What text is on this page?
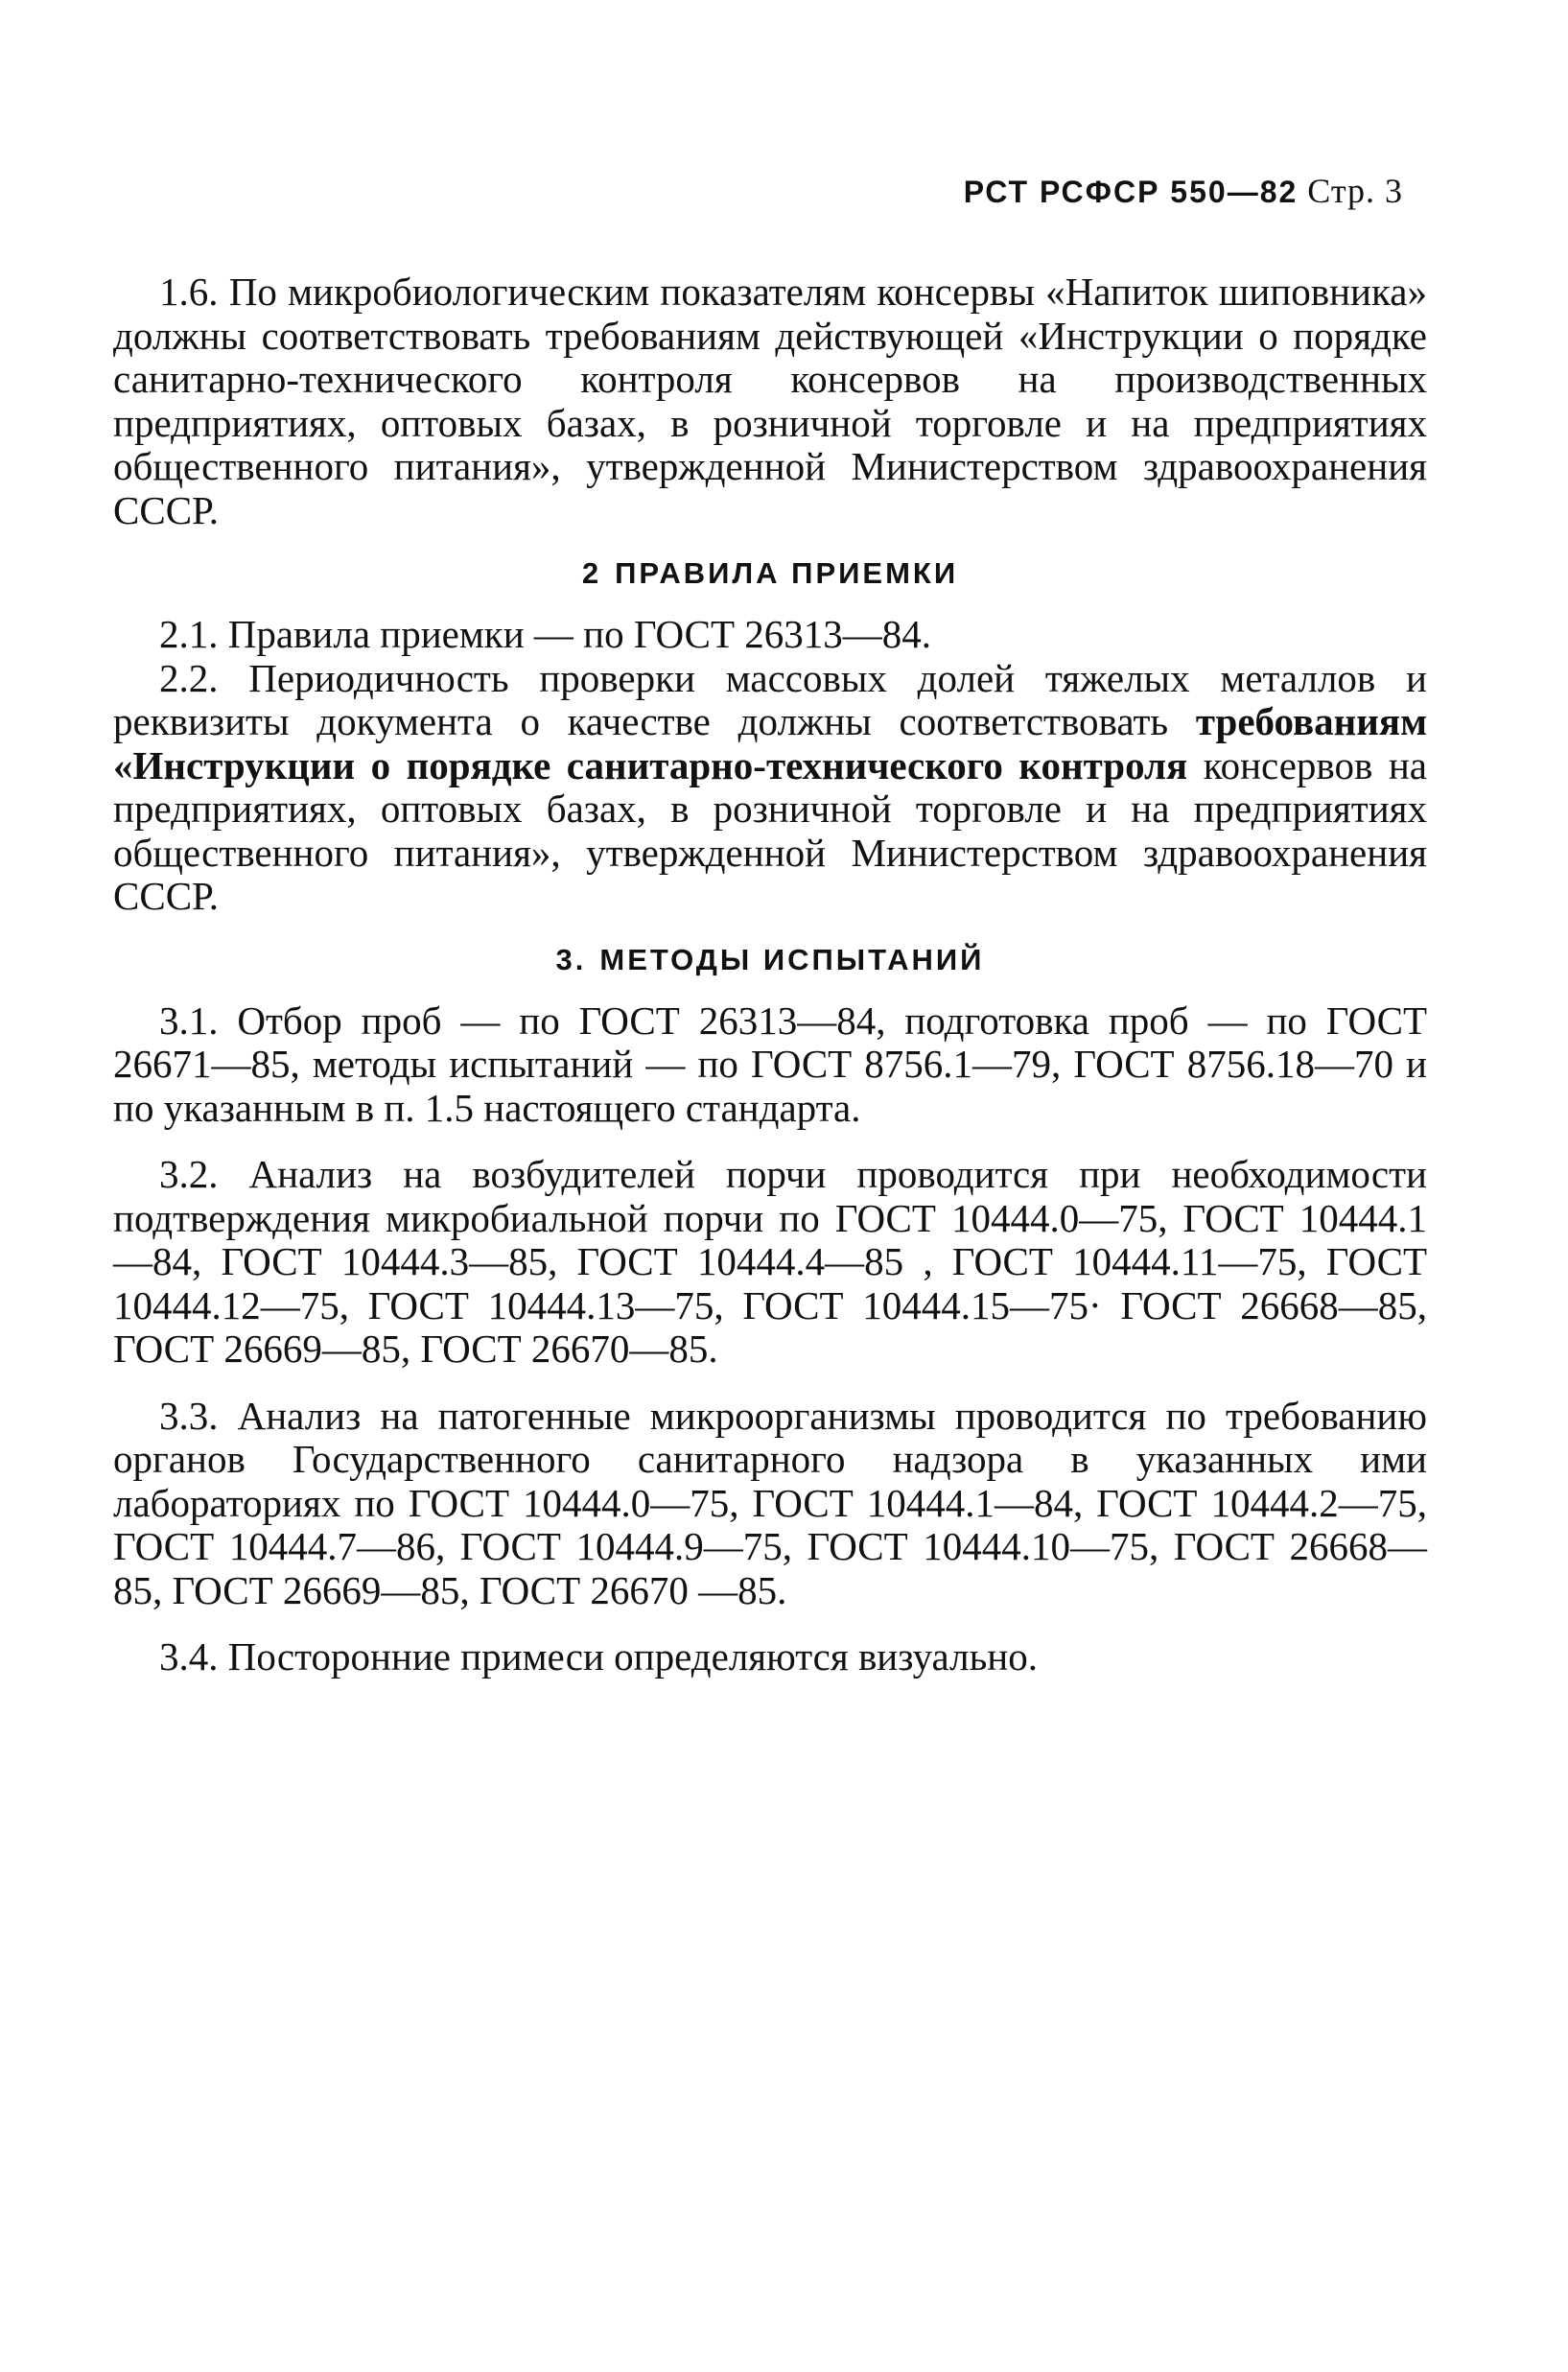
РСТ РСФСР 550—82 Стр. 3

1.6. По микробиологическим показателям консервы «Напиток шиповника» должны соответствовать требованиям действующей «Инструкции о порядке санитарно-технического контроля консервов на производственных предприятиях, оптовых базах, в розничной торговле и на предприятиях общественного питания», утвержденной Министерством здравоохранения СССР.

2 ПРАВИЛА ПРИЕМКИ

2.1. Правила приемки — по ГОСТ 26313—84.

2.2. Периодичность проверки массовых долей тяжелых металлов и реквизиты документа о качестве должны соответствовать требованиям «Инструкции о порядке санитарно-технического контроля консервов на предприятиях, оптовых базах, в розничной торговле и на предприятиях общественного питания», утвержденной Министерством здравоохранения СССР.

3. МЕТОДЫ ИСПЫТАНИЙ

3.1. Отбор проб — по ГОСТ 26313—84, подготовка проб — по ГОСТ 26671—85, методы испытаний — по ГОСТ 8756.1—79, ГОСТ 8756.18—70 и по указанным в п. 1.5 настоящего стандарта.

3.2. Анализ на возбудителей порчи проводится при необходимости подтверждения микробиальной порчи по ГОСТ 10444.0—75, ГОСТ 10444.1—84, ГОСТ 10444.3—85, ГОСТ 10444.4—85 , ГОСТ 10444.11—75, ГОСТ 10444.12—75, ГОСТ 10444.13—75, ГОСТ 10444.15—75· ГОСТ 26668—85, ГОСТ 26669—85, ГОСТ 26670—85.

3.3. Анализ на патогенные микроорганизмы проводится по требованию органов Государственного санитарного надзора в указанных ими лабораториях по ГОСТ 10444.0—75, ГОСТ 10444.1—84, ГОСТ 10444.2—75, ГОСТ 10444.7—86, ГОСТ 10444.9—75, ГОСТ 10444.10—75, ГОСТ 26668—85, ГОСТ 26669—85, ГОСТ 26670 —85.

3.4. Посторонние примеси определяются визуально.
